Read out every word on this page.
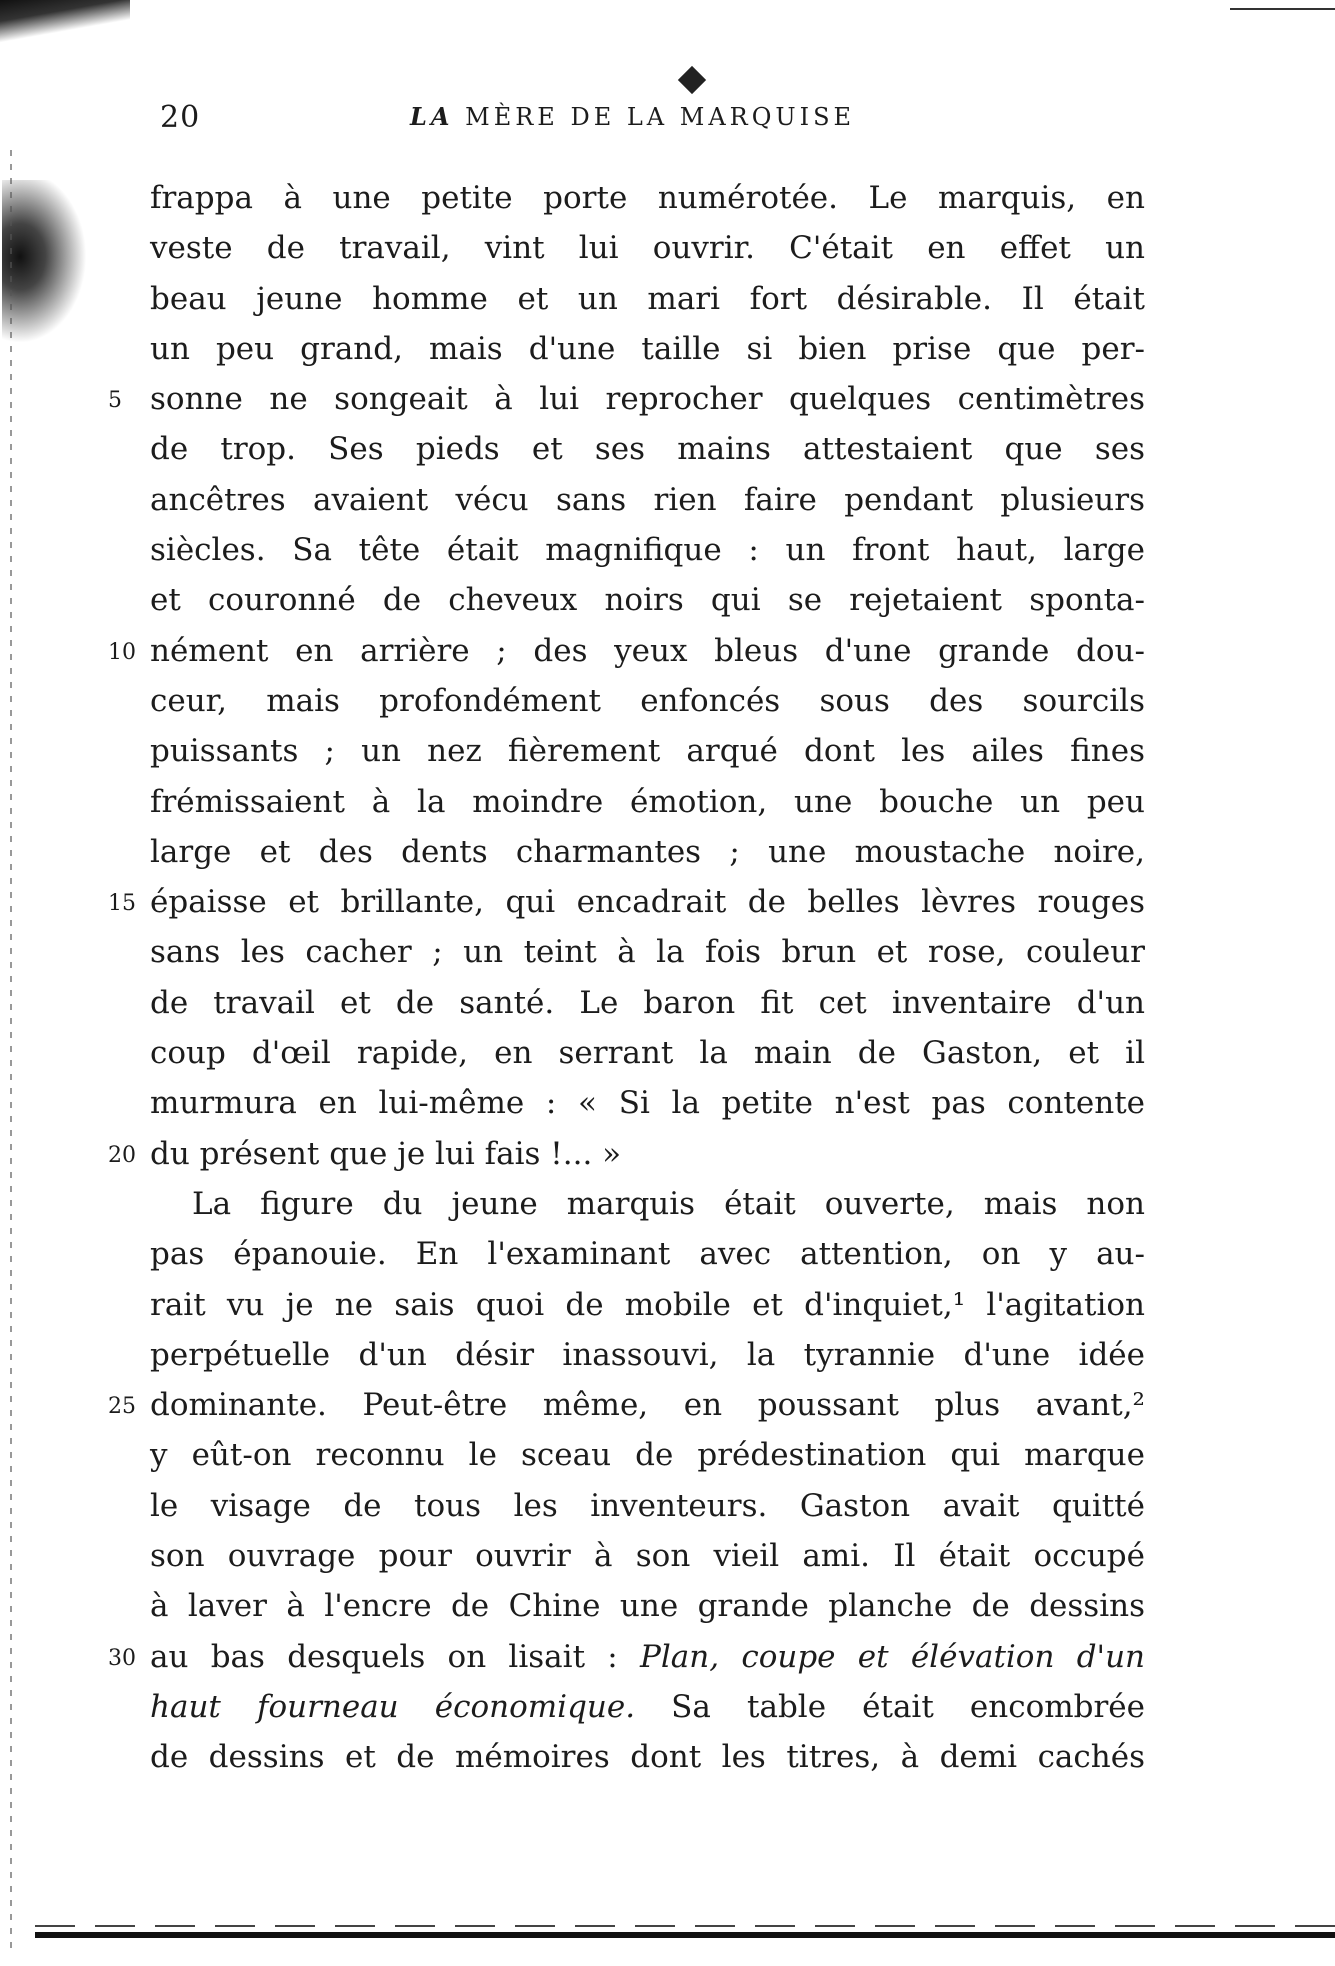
20	LA MÈRE DE LA MARQUISE
frappa à une petite porte numérotée. Le marquis, en
veste de travail, vint lui ouvrir. C'était en effet un
beau jeune homme et un mari fort désirable. Il était
un peu grand, mais d'une taille si bien prise que per-
5 sonne ne songeait à lui reprocher quelques centimètres
de trop. Ses pieds et ses mains attestaient que ses
ancêtres avaient vécu sans rien faire pendant plusieurs
siècles. Sa tête était magnifique : un front haut, large
et couronné de cheveux noirs qui se rejetaient sponta-
10 nément en arrière ; des yeux bleus d'une grande dou-
ceur, mais profondément enfoncés sous des sourcils
puissants ; un nez fièrement arqué dont les ailes fines
frémissaient à la moindre émotion, une bouche un peu
large et des dents charmantes ; une moustache noire,
15 épaisse et brillante, qui encadrait de belles lèvres rouges
sans les cacher ; un teint à la fois brun et rose, couleur
de travail et de santé. Le baron fit cet inventaire d'un
coup d'œil rapide, en serrant la main de Gaston, et il
murmura en lui-même : « Si la petite n'est pas contente
20 du présent que je lui fais !... »
La figure du jeune marquis était ouverte, mais non
pas épanouie. En l'examinant avec attention, on y au-
rait vu je ne sais quoi de mobile et d'inquiet,¹ l'agitation
perpétuelle d'un désir inassouvi, la tyrannie d'une idée
25 dominante. Peut-être même, en poussant plus avant,²
y eût-on reconnu le sceau de prédestination qui marque
le visage de tous les inventeurs. Gaston avait quitté
son ouvrage pour ouvrir à son vieil ami. Il était occupé
à laver à l'encre de Chine une grande planche de dessins
30 au bas desquels on lisait : Plan, coupe et élévation d'un
haut fourneau économique. Sa table était encombrée
de dessins et de mémoires dont les titres, à demi cachés
